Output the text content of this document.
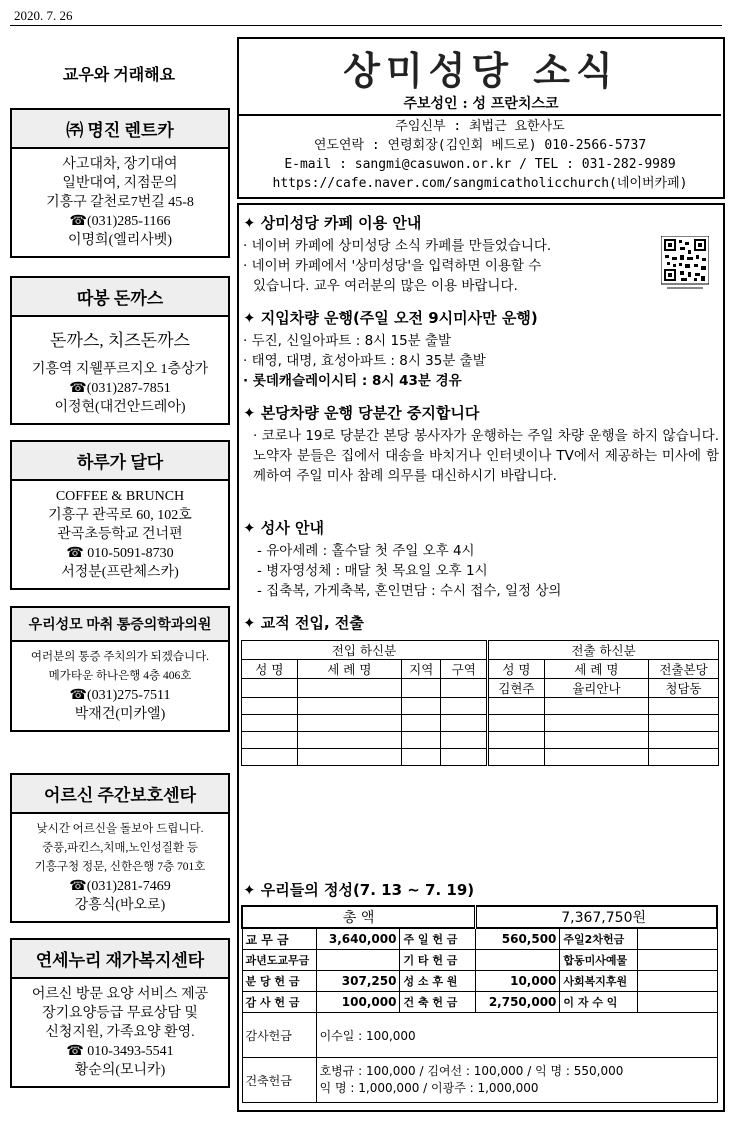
2020. 7. 26
교우와 거래해요
㈜ 명진 렌트카
사고대차, 장기대여
일반대여, 지점문의
기흥구 갈천로7번길 45-8
☎(031)285-1166
이명희(엘리사벳)
따봉 돈까스
돈까스, 치즈돈까스
기흥역 지웰푸르지오 1층상가
☎(031)287-7851
이정현(대건안드레아)
하루가 달다
COFFEE & BRUNCH
기흥구 관곡로 60, 102호
관곡초등학교 건너편
☎ 010-5091-8730
서정분(프란체스카)
우리성모 마취 통증의학과의원
여러분의 통증 주치의가 되겠습니다.
메가타운 하나은행 4층 406호
☎(031)275-7511
박재건(미카엘)
어르신 주간보호센타
낮시간 어르신을 돌보아 드립니다.
중풍,파킨스,치매,노인성질환 등
기흥구청 정문, 신한은행 7층 701호
☎(031)281-7469
강흥식(바오로)
연세누리 재가복지센타
어르신 방문 요양 서비스 제공
장기요양등급 무료상담 및
신청지원, 가족요양 환영.
☎ 010-3493-5541
황순의(모니카)
상미성당 소식
주보성인 : 성 프란치스코
주임신부 : 최법근 요한사도
연도연락 : 연령회장(김인회 베드로) 010-2566-5737
E-mail : sangmi@casuwon.or.kr / TEL : 031-282-9989
https://cafe.naver.com/sangmicatholicchurch(네이버카페)
✦ 상미성당 카페 이용 안내

· 네이버 카페에 상미성당 소식 카페를 만들었습니다.

· 네이버 카페에서 '상미성당'을 입력하면 이용할 수

있습니다. 교우 여러분의 많은 이용 바랍니다.

✦ 지입차량 운행(주일 오전 9시미사만 운행)

· 두진, 신일아파트 : 8시 15분 출발

· 태영, 대명, 효성아파트 : 8시 35분 출발

· 롯데캐슬레이시티 : 8시 43분 경유

✦ 본당차량 운행 당분간 중지합니다

· 코로나 19로 당분간 본당 봉사자가 운행하는 주일 차량 운행을 하지 않습니다. 노약자 분들은 집에서 대송을 바치거나 인터넷이나 TV에서 제공하는 미사에 함께하여 주일 미사 참례 의무를 대신하시기 바랍니다.

✦ 성사 안내

- 유아세례 : 홀수달 첫 주일 오후 4시

- 병자영성체 : 매달 첫 목요일 오후 1시

- 집축복, 가게축복, 혼인면담 : 수시 접수, 일정 상의

✦ 교적 전입, 전출
전입 하신분				전출 하신분		
성 명	세 례 명	지역	구역	성 명	세 례 명	전출본당
				김현주	율리안나	청담동

✦ 우리들의 정성(7. 13 ~ 7. 19)
총 액			7,367,750원		
교 무 금	3,640,000	주 일 헌 금	560,500	주일2차헌금	
과년도교무금		기 타 헌 금		합동미사예물	
분 당 헌 금	307,250	성 소 후 원	10,000	사회복지후원	
감 사 헌 금	100,000	건 축 헌 금	2,750,000	이 자 수 익	
감사헌금	이수일 : 100,000				
건축헌금	호병규 : 100,000 / 김여선 : 100,000 / 익 명 : 550,000
익 명 : 1,000,000 / 이광주 : 1,000,000				
